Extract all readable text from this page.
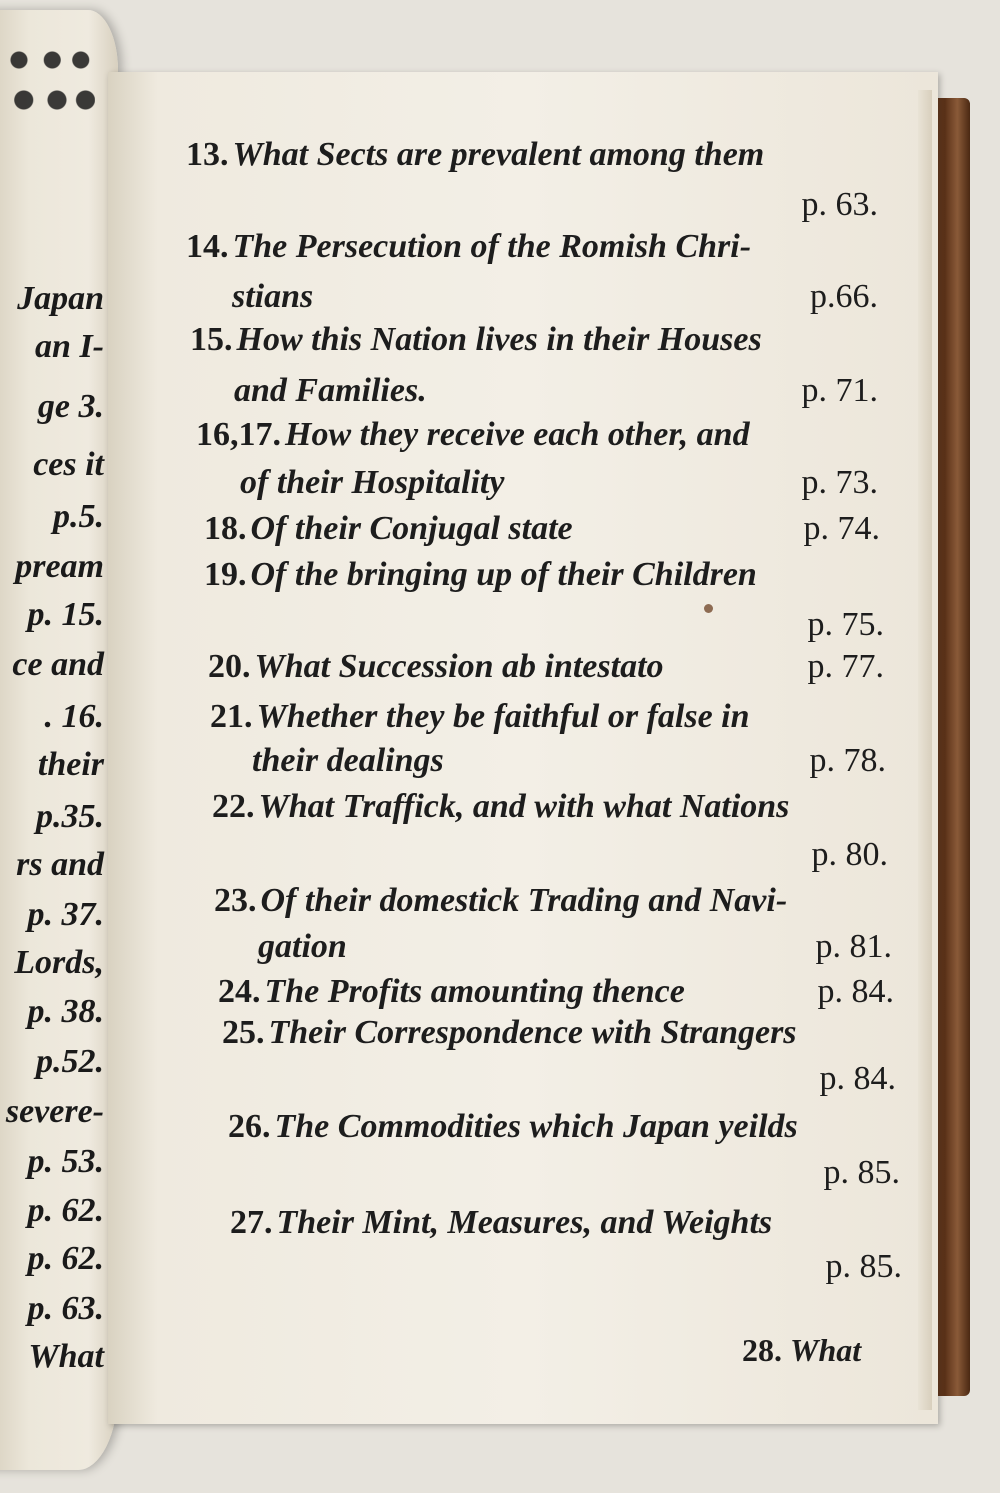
Japan
an I-
ge 3.
ces it
p.5.
pream
p. 15.
ce and
. 16.
their
p.35.
rs and
p. 37.
Lords,
p. 38.
p.52.
severe-
p. 53.
p. 62.
p. 62.
p. 63.
What
13. What Sects are prevalent among them
p. 63.
14. The Persecution of the Romish Chri-
stians	p.66.
15. How this Nation lives in their Houses
and Families.	p. 71.
16,17. How they receive each other, and
of their Hospitality	p. 73.
18. Of their Conjugal state	p. 74.
19. Of the bringing up of their Children
p. 75.
20. What Succession ab intestato	p. 77.
21. Whether they be faithful or false in
their dealings	p. 78.
22. What Traffick, and with what Nations
p. 80.
23. Of their domestick Trading and Navi-
gation	p. 81.
24. The Profits amounting thence	p. 84.
25. Their Correspondence with Strangers
p. 84.
26. The Commodities which Japan yeilds
p. 85.
27. Their Mint, Measures, and Weights
p. 85.
28. What
